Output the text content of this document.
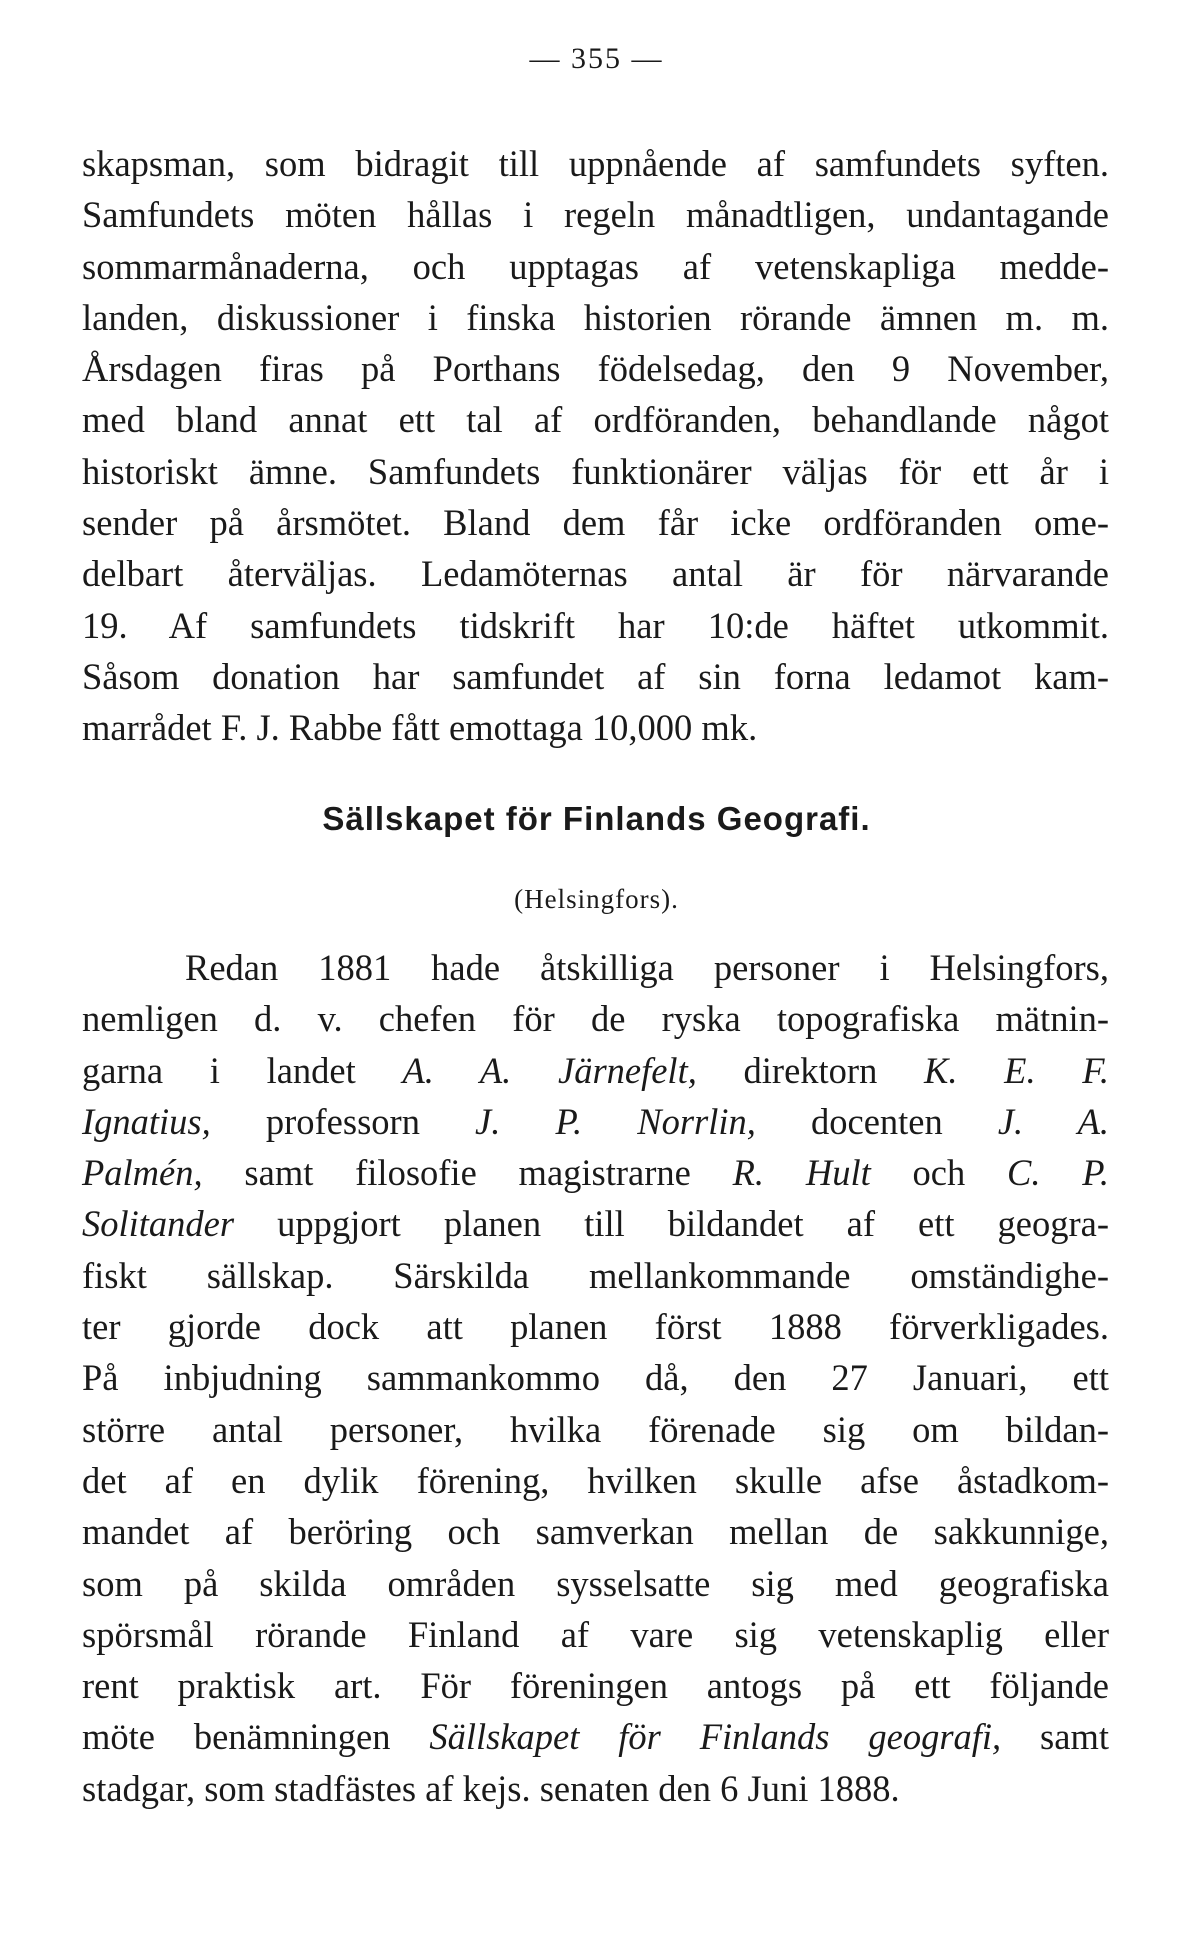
— 355 —
skapsman, som bidragit till uppnående af samfundets syften.
Samfundets möten hållas i regeln månadtligen, undantagande
sommarmånaderna, och upptagas af vetenskapliga medde-
landen, diskussioner i finska historien rörande ämnen m. m.
Årsdagen firas på Porthans födelsedag, den 9 November,
med bland annat ett tal af ordföranden, behandlande något
historiskt ämne. Samfundets funktionärer väljas för ett år i
sender på årsmötet. Bland dem får icke ordföranden ome-
delbart återväljas. Ledamöternas antal är för närvarande
19. Af samfundets tidskrift har 10:de häftet utkommit.
Såsom donation har samfundet af sin forna ledamot kam-
marrådet F. J. Rabbe fått emottaga 10,000 mk.
Sällskapet för Finlands Geografi.
(Helsingfors).
Redan 1881 hade åtskilliga personer i Helsingfors,
nemligen d. v. chefen för de ryska topografiska mätnin-
garna i landet A. A. Järnefelt, direktorn K. E. F.
Ignatius, professorn J. P. Norrlin, docenten J. A.
Palmén, samt filosofie magistrarne R. Hult och C. P.
Solitander uppgjort planen till bildandet af ett geogra-
fiskt sällskap. Särskilda mellankommande omständighe-
ter gjorde dock att planen först 1888 förverkligades.
På inbjudning sammankommo då, den 27 Januari, ett
större antal personer, hvilka förenade sig om bildan-
det af en dylik förening, hvilken skulle afse åstadkom-
mandet af beröring och samverkan mellan de sakkunnige,
som på skilda områden sysselsatte sig med geografiska
spörsmål rörande Finland af vare sig vetenskaplig eller
rent praktisk art. För föreningen antogs på ett följande
möte benämningen Sällskapet för Finlands geografi, samt
stadgar, som stadfästes af kejs. senaten den 6 Juni 1888.
